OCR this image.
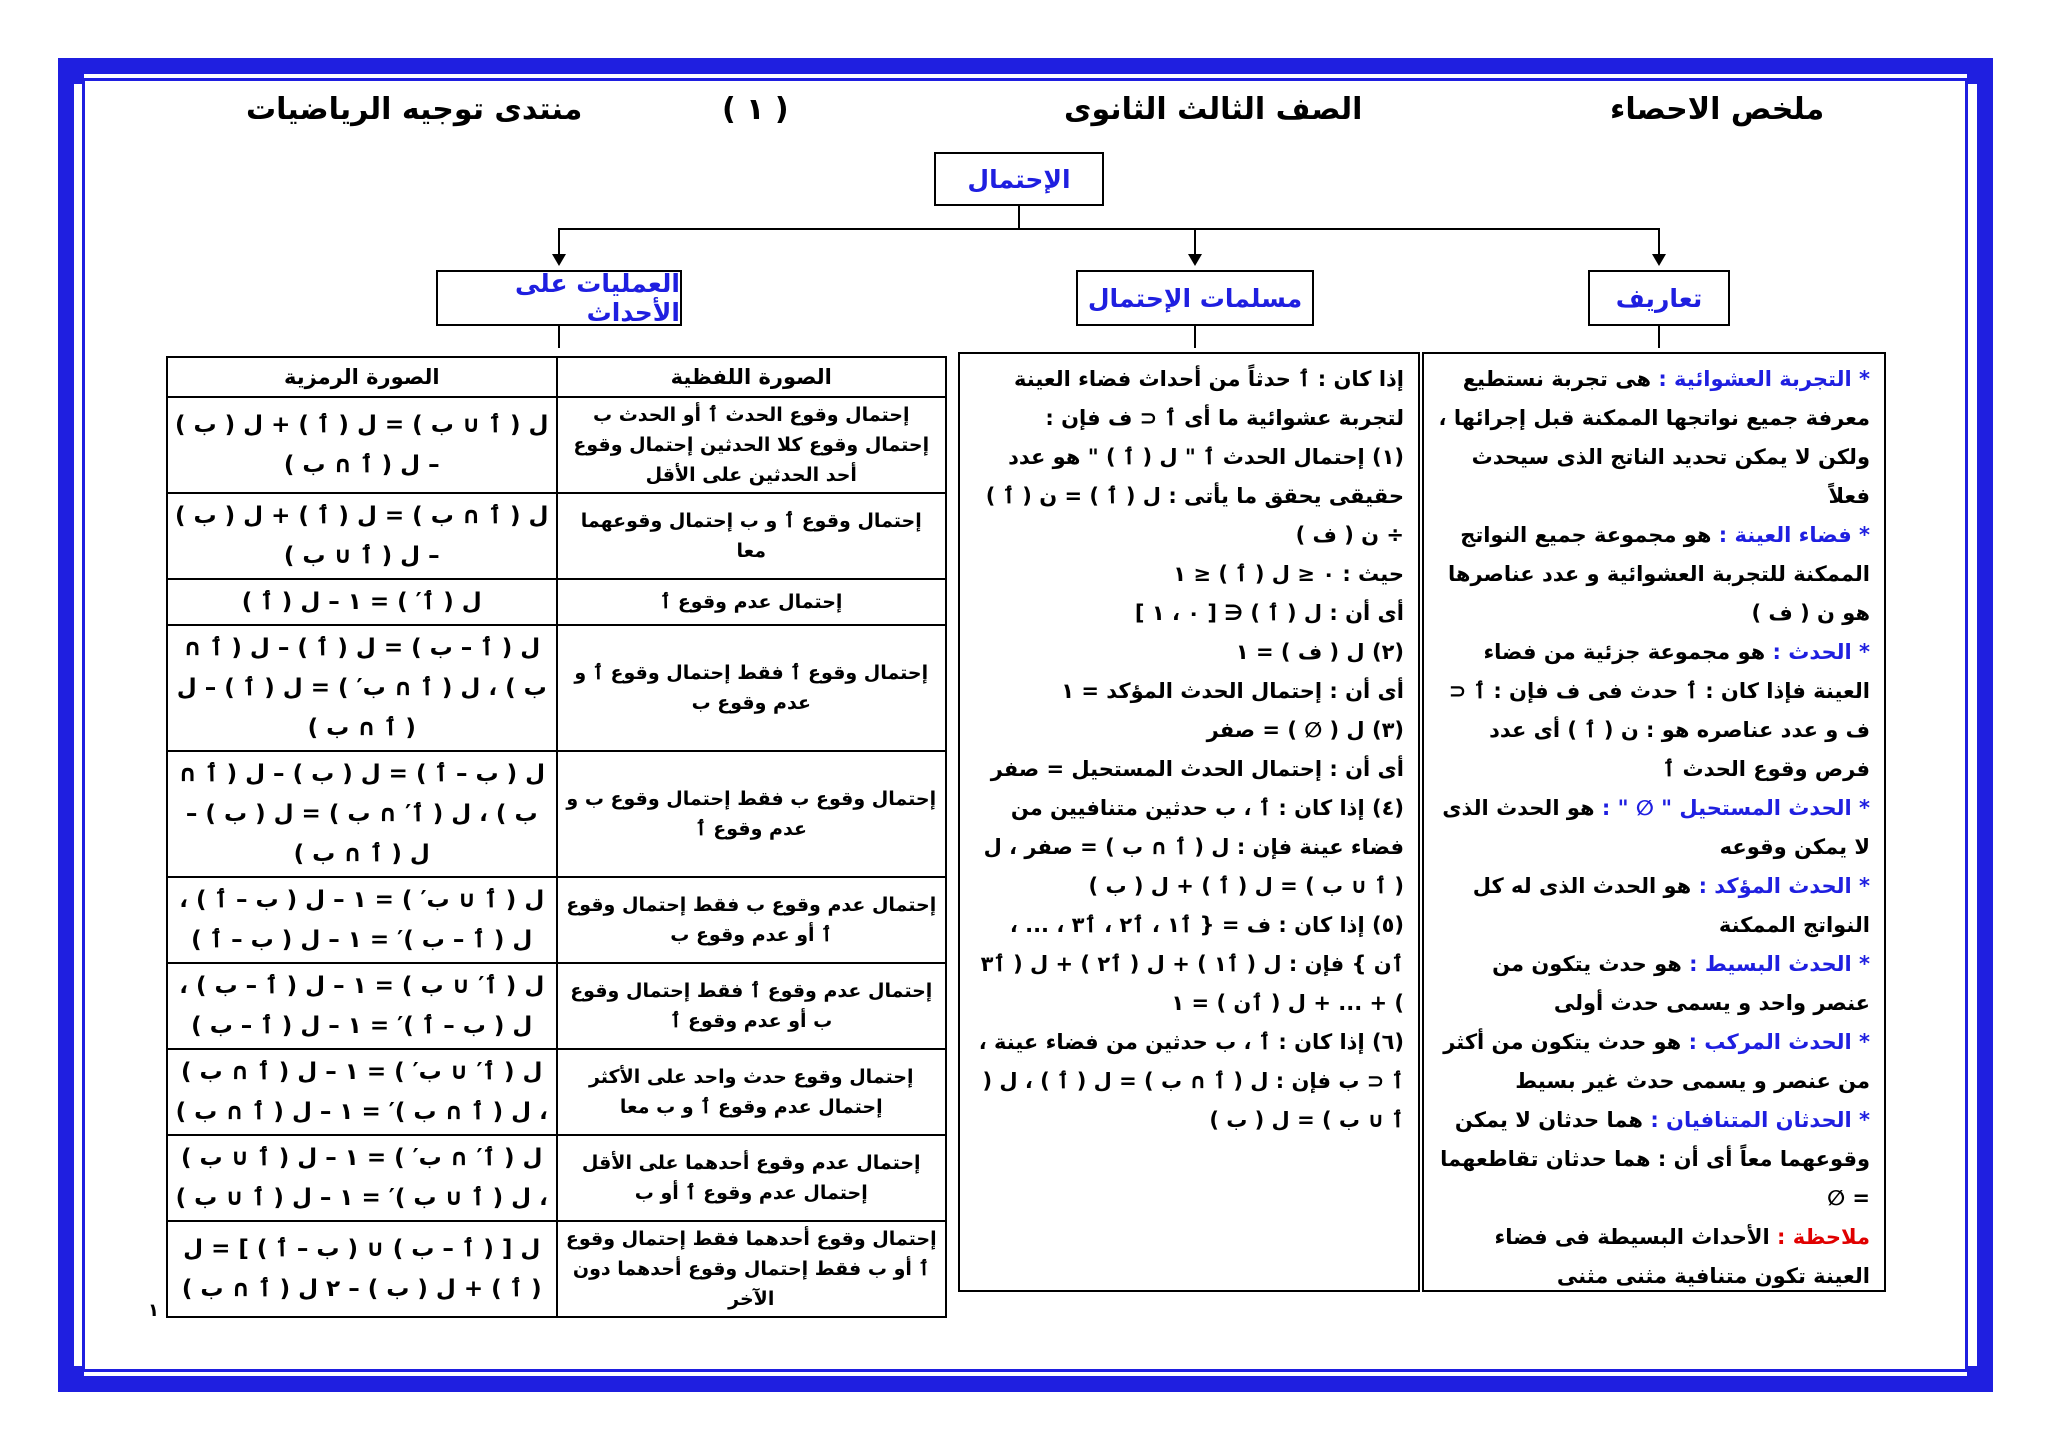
ملخص الاحصاء
الصف الثالث الثانوى
( ١ )
منتدى توجيه الرياضيات
الإحتمال
تعاريف
مسلمات الإحتمال
العمليات على الأحداث

* التجربة العشوائية : هى تجربة نستطيع معرفة جميع نواتجها الممكنة قبل إجرائها ، ولكن لا يمكن تحديد الناتج الذى سيحدث فعلاً

* فضاء العينة : هو مجموعة جميع النواتج الممكنة للتجربة العشوائية و عدد عناصرها هو ن ( ف )

* الحدث : هو مجموعة جزئية من فضاء العينة فإذا كان : ٲ حدث فى ف فإن : ٲ ⊂ ف و عدد عناصره هو : ن ( ٲ ) أى عدد فرص وقوع الحدث ٲ

* الحدث المستحيل " ∅ " : هو الحدث الذى لا يمكن وقوعه

* الحدث المؤكد : هو الحدث الذى له كل النواتج الممكنة

* الحدث البسيط : هو حدث يتكون من عنصر واحد و يسمى حدث أولى

* الحدث المركب : هو حدث يتكون من أكثر من عنصر و يسمى حدث غير بسيط

* الحدثان المتنافيان : هما حدثان لا يمكن وقوعهما معاً أى أن : هما حدثان تقاطعهما = ∅

ملاحظة : الأحداث البسيطة فى فضاء العينة تكون متنافية مثنى مثنى

إذا كان : ٲ حدثاً من أحداث فضاء العينة لتجربة عشوائية ما أى ٲ ⊂ ف فإن :

(١) إحتمال الحدث ٲ " ل ( ٲ ) " هو عدد حقيقى يحقق ما يأتى : ل ( ٲ ) = ن ( ٲ ) ÷ ن ( ف )

حيث : ٠ ≤ ل ( ٲ ) ≤ ١

أى أن : ل ( ٲ ) ∈ [ ٠ ، ١ ]

(٢) ل ( ف ) = ١

أى أن : إحتمال الحدث المؤكد = ١

(٣) ل ( ∅ ) = صفر

أى أن : إحتمال الحدث المستحيل = صفر

(٤) إذا كان : ٲ ، ب حدثين متنافيين من فضاء عينة فإن : ل ( ٲ ∩ ب ) = صفر ، ل ( ٲ ∪ ب ) = ل ( ٲ ) + ل ( ب )

(٥) إذا كان : ف = { ٲ١ ، ٲ٢ ، ٲ٣ ، ... ، ٲن } فإن : ل ( ٲ١ ) + ل ( ٲ٢ ) + ل ( ٲ٣ ) + ... + ل ( ٲن ) = ١

(٦) إذا كان : ٲ ، ب حدثين من فضاء عينة ، ٲ ⊂ ب فإن : ل ( ٲ ∩ ب ) = ل ( ٲ ) ، ل ( ٲ ∪ ب ) = ل ( ب )

الصورة اللفظية	الصورة الرمزية
إحتمال وقوع الحدث ٲ أو الحدث ب إحتمال وقوع كلا الحدثين إحتمال وقوع أحد الحدثين على الأقل	ل ( ٲ ∪ ب ) = ل ( ٲ ) + ل ( ب ) – ل ( ٲ ∩ ب )
إحتمال وقوع ٲ و ب إحتمال وقوعهما معا	ل ( ٲ ∩ ب ) = ل ( ٲ ) + ل ( ب ) – ل ( ٲ ∪ ب )
إحتمال عدم وقوع ٲ	ل ( ٲ′ ) = ١ – ل ( ٲ )
إحتمال وقوع ٲ فقط إحتمال وقوع ٲ و عدم وقوع ب	ل ( ٲ – ب ) = ل ( ٲ ) – ل ( ٲ ∩ ب ) ، ل ( ٲ ∩ ب′ ) = ل ( ٲ ) – ل ( ٲ ∩ ب )
إحتمال وقوع ب فقط إحتمال وقوع ب و عدم وقوع ٲ	ل ( ب – ٲ ) = ل ( ب ) – ل ( ٲ ∩ ب ) ، ل ( ٲ′ ∩ ب ) = ل ( ب ) – ل ( ٲ ∩ ب )
إحتمال عدم وقوع ب فقط إحتمال وقوع ٲ أو عدم وقوع ب	ل ( ٲ ∪ ب′ ) = ١ – ل ( ب – ٲ ) ، ل ( ٲ – ب )′ = ١ – ل ( ب – ٲ )
إحتمال عدم وقوع ٲ فقط إحتمال وقوع ب أو عدم وقوع ٲ	ل ( ٲ′ ∪ ب ) = ١ – ل ( ٲ – ب ) ، ل ( ب – ٲ )′ = ١ – ل ( ٲ – ب )
إحتمال وقوع حدث واحد على الأكثر إحتمال عدم وقوع ٲ و ب معا	ل ( ٲ′ ∪ ب′ ) = ١ – ل ( ٲ ∩ ب ) ، ل ( ٲ ∩ ب )′ = ١ – ل ( ٲ ∩ ب )
إحتمال عدم وقوع أحدهما على الأقل إحتمال عدم وقوع ٲ أو ب	ل ( ٲ′ ∩ ب′ ) = ١ – ل ( ٲ ∪ ب ) ، ل ( ٲ ∪ ب )′ = ١ – ل ( ٲ ∪ ب )
إحتمال وقوع أحدهما فقط إحتمال وقوع ٲ أو ب فقط إحتمال وقوع أحدهما دون الآخر	ل [ ( ٲ – ب ) ∪ ( ب – ٲ ) ] = ل ( ٲ ) + ل ( ب ) – ٢ ل ( ٲ ∩ ب )
١
